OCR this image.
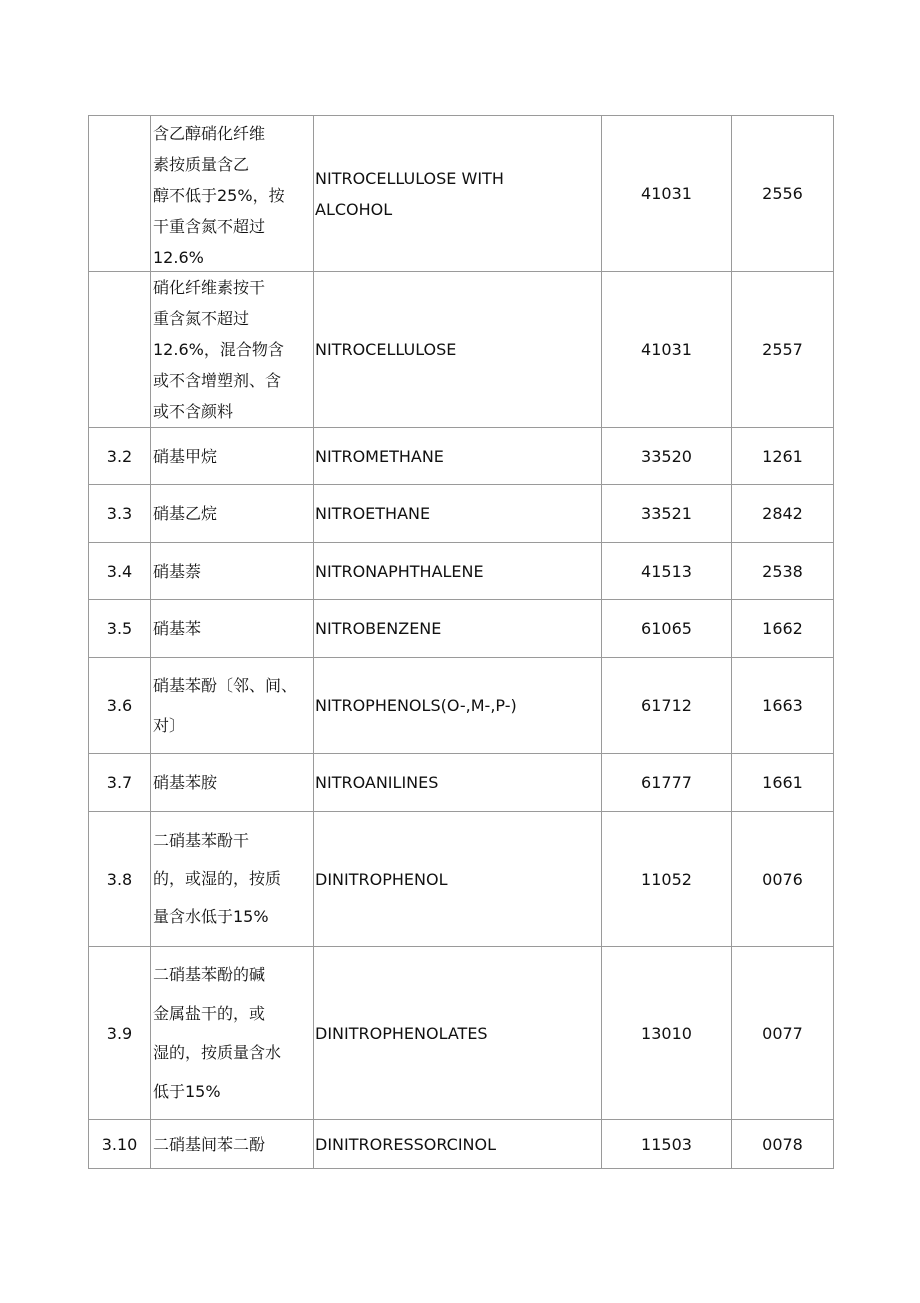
	含乙醇硝化纤维
素按质量含乙
醇不低于25%，按
干重含氮不超过
12.6%	NITROCELLULOSE WITH
ALCOHOL	41031	2556

	硝化纤维素按干
重含氮不超过
12.6%，混合物含
或不含增塑剂、含
或不含颜料	NITROCELLULOSE	41031	2557
3.2	硝基甲烷	NITROMETHANE	33520	1261
3.3	硝基乙烷	NITROETHANE	33521	2842
3.4	硝基萘	NITRONAPHTHALENE	41513	2538
3.5	硝基苯	NITROBENZENE	61065	1662
3.6	硝基苯酚〔邻、间、
对〕	NITROPHENOLS(O-,M-,P-)	61712	1663
3.7	硝基苯胺	NITROANILINES	61777	1661
3.8	二硝基苯酚干
的，或湿的，按质
量含水低于15%	DINITROPHENOL	11052	0076
3.9	二硝基苯酚的碱
金属盐干的，或
湿的，按质量含水
低于15%	DINITROPHENOLATES	13010	0077
3.10	二硝基间苯二酚	DINITRORESSORCINOL	11503	0078
